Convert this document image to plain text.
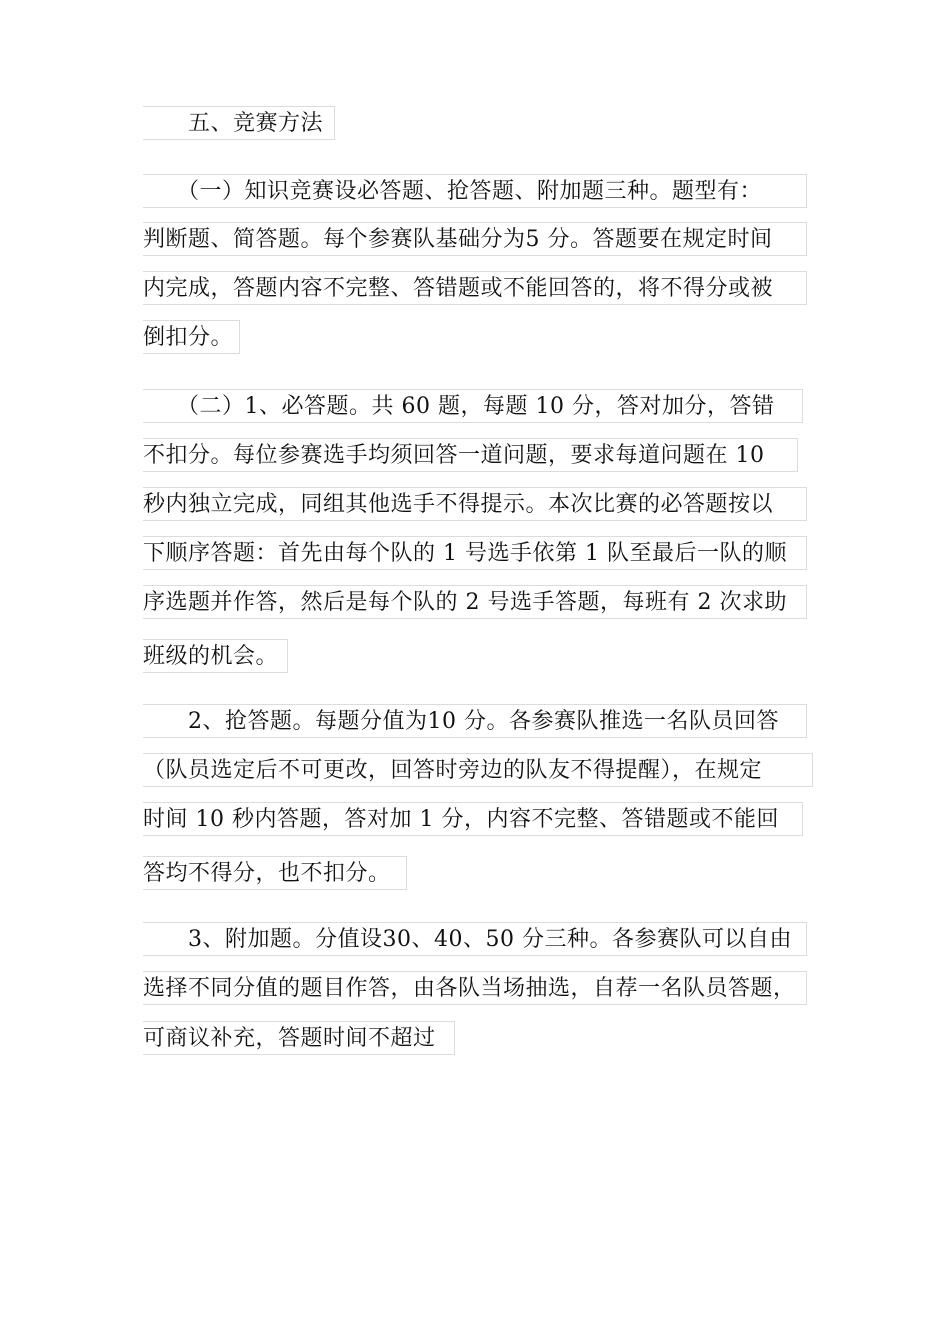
　　五、竞赛方法
　　（一）知识竞赛设必答题、抢答题、附加题三种。题型有：
判断题、简答题。每个参赛队基础分为5 分。答题要在规定时间
内完成，答题内容不完整、答错题或不能回答的，将不得分或被
倒扣分。
　　（二）1、必答题。共 60 题，每题 10 分，答对加分，答错
不扣分。每位参赛选手均须回答一道问题，要求每道问题在 10
秒内独立完成，同组其他选手不得提示。本次比赛的必答题按以
下顺序答题：首先由每个队的 1 号选手依第 1 队至最后一队的顺
序选题并作答，然后是每个队的 2 号选手答题，每班有 2 次求助
班级的机会。
　　2、抢答题。每题分值为10 分。各参赛队推选一名队员回答
（队员选定后不可更改，回答时旁边的队友不得提醒），在规定
时间 10 秒内答题，答对加 1 分，内容不完整、答错题或不能回
答均不得分，也不扣分。
　　3、附加题。分值设30、40、50 分三种。各参赛队可以自由
选择不同分值的题目作答，由各队当场抽选，自荐一名队员答题，
可商议补充，答题时间不超过
